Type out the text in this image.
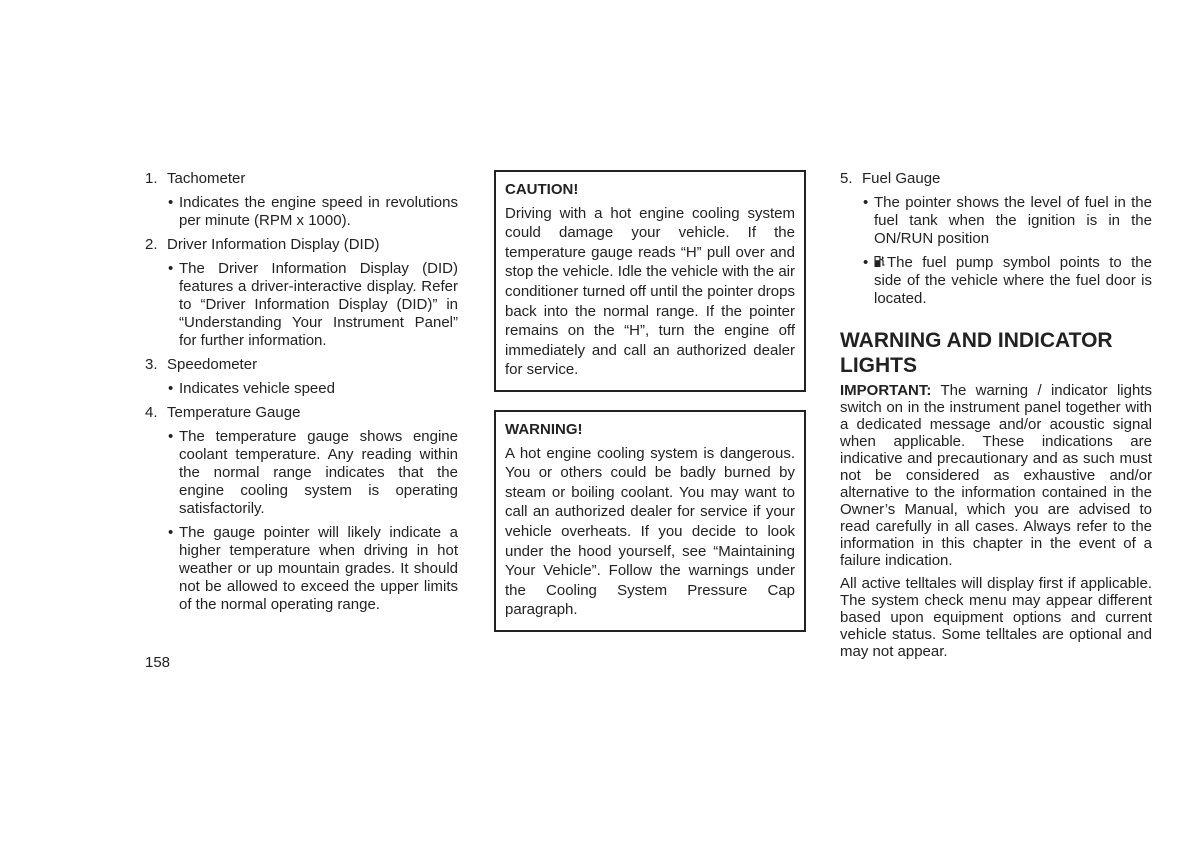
1. Tachometer
• Indicates the engine speed in revolutions per minute (RPM x 1000).
2. Driver Information Display (DID)
• The Driver Information Display (DID) features a driver-interactive display. Refer to “Driver Information Display (DID)” in “Understanding Your Instrument Panel” for further information.
3. Speedometer
• Indicates vehicle speed
4. Temperature Gauge
• The temperature gauge shows engine coolant temperature. Any reading within the normal range indicates that the engine cooling system is operating satisfactorily.
• The gauge pointer will likely indicate a higher temperature when driving in hot weather or up mountain grades. It should not be allowed to exceed the upper limits of the normal operating range.
CAUTION!
Driving with a hot engine cooling system could damage your vehicle. If the temperature gauge reads “H” pull over and stop the vehicle. Idle the vehicle with the air conditioner turned off until the pointer drops back into the normal range. If the pointer remains on the “H”, turn the engine off immediately and call an authorized dealer for service.
WARNING!
A hot engine cooling system is dangerous. You or others could be badly burned by steam or boiling coolant. You may want to call an authorized dealer for service if your vehicle overheats. If you decide to look under the hood yourself, see “Maintaining Your Vehicle”. Follow the warnings under the Cooling System Pressure Cap paragraph.
5. Fuel Gauge
• The pointer shows the level of fuel in the fuel tank when the ignition is in the ON/RUN position
•	The fuel pump symbol points to the side of the vehicle where the fuel door is located.
WARNING AND INDICATOR LIGHTS

IMPORTANT: The warning / indicator lights switch on in the instrument panel together with a dedicated message and/or acoustic signal when applicable. These indications are indicative and precautionary and as such must not be considered as exhaustive and/or alternative to the information contained in the Owner’s Manual, which you are advised to read carefully in all cases. Always refer to the information in this chapter in the event of a failure indication.

All active telltales will display first if applicable. The system check menu may appear different based upon equipment options and current vehicle status. Some telltales are optional and may not appear.

158
